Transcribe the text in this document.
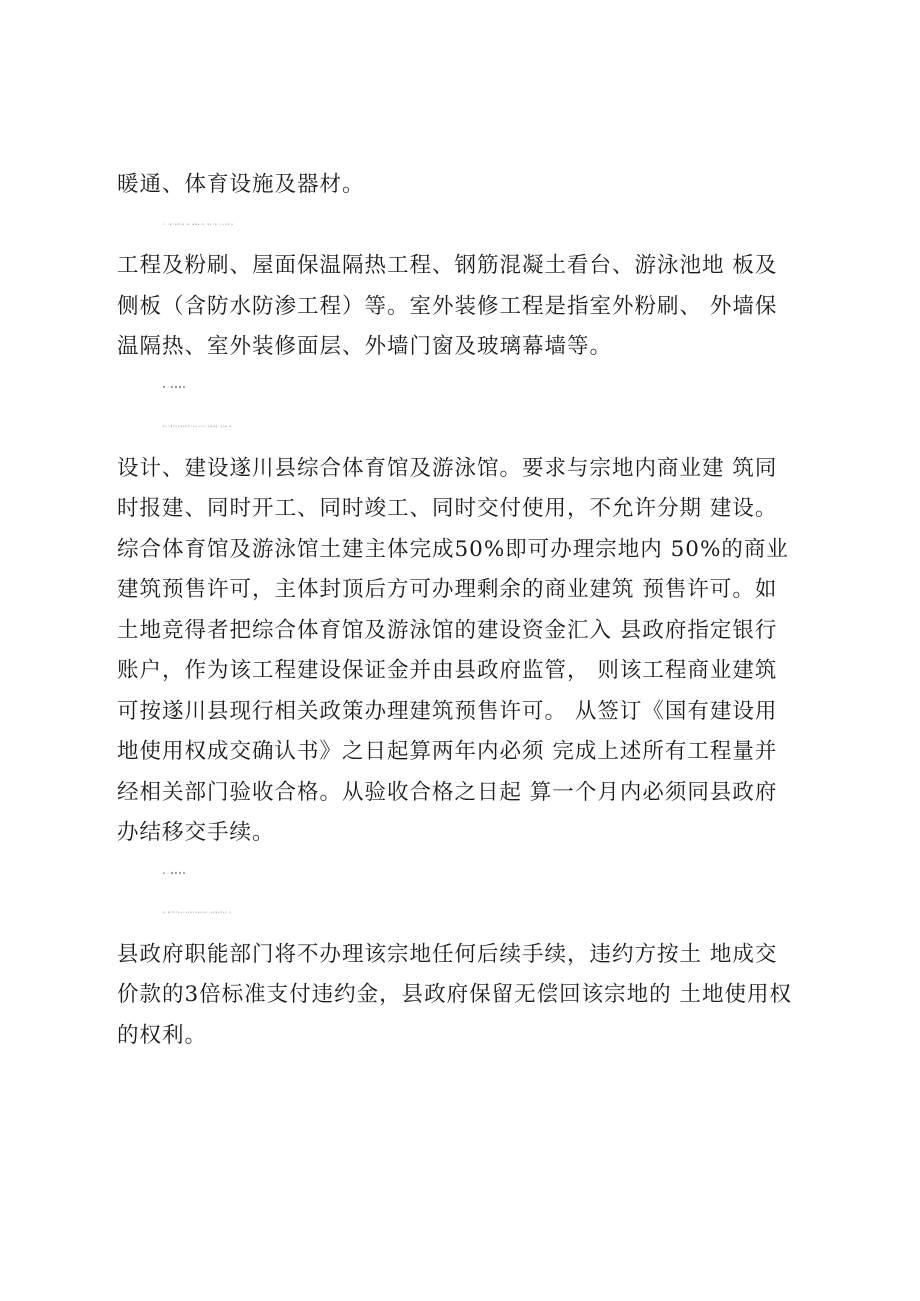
暖通、体育设施及器材。
3．土建主体指基础工程、楼地面工程、屋面工程、室内外墙 体
工程及粉刷、屋面保温隔热工程、钢筋混凝土看台、游泳池地 板及
侧板（含防水防渗工程）等。室外装修工程是指室外粉刷、 外墙保
温隔热、室外装修面层、外墙门窗及玻璃幕墙等。
四、时间要求
该宗土地竞得者必须按照上述项目定位、功能设置、建设标 准
设计、建设遂川县综合体育馆及游泳馆。要求与宗地内商业建 筑同
时报建、同时开工、同时竣工、同时交付使用，不允许分期 建设。
综合体育馆及游泳馆土建主体完成50%即可办理宗地内 50%的商业
建筑预售许可，主体封顶后方可办理剩余的商业建筑 预售许可。如
土地竞得者把综合体育馆及游泳馆的建设资金汇入 县政府指定银行
账户，作为该工程建设保证金并由县政府监管， 则该工程商业建筑
可按遂川县现行相关政策办理建筑预售许可。 从签订《国有建设用
地使用权成交确认书》之日起算两年内必须 完成上述所有工程量并
经相关部门验收合格。从验收合格之日起 算一个月内必须同县政府
办结移交手续。
五、违约责任
该土地竞得者违反上述任何要求视同违约，从发现违约之日 起，
县政府职能部门将不办理该宗地任何后续手续，违约方按土 地成交
价款的3倍标准支付违约金，县政府保留无偿回该宗地的 土地使用权
的权利。
